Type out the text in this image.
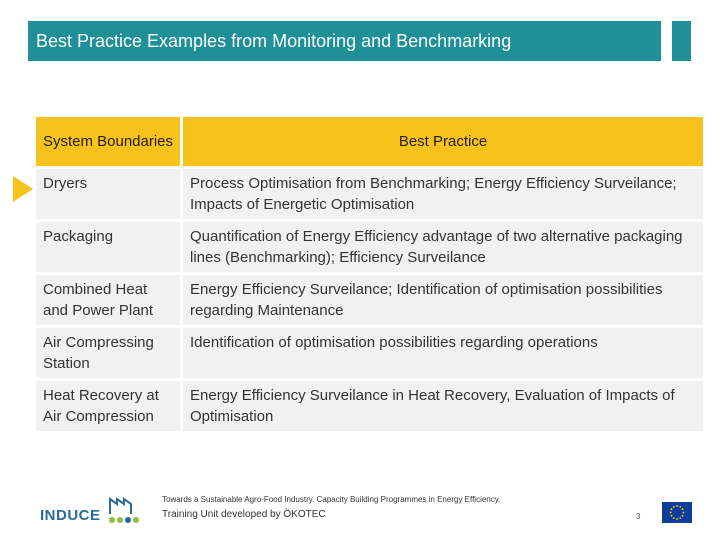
Best Practice Examples from Monitoring and Benchmarking
System Boundaries	Best Practice
Dryers	Process Optimisation from Benchmarking; Energy Efficiency Surveilance; Impacts of Energetic Optimisation
Packaging	Quantification of Energy Efficiency advantage of two alternative packaging lines (Benchmarking); Efficiency Surveilance
Combined Heat and Power Plant	Energy Efficiency Surveilance; Identification of optimisation possibilities regarding Maintenance
Air Compressing Station	Identification of optimisation possibilities regarding operations
Heat Recovery at Air Compression	Energy Efficiency Surveilance in Heat Recovery, Evaluation of Impacts of Optimisation
INDUCE
Towards a Sustainable Agro-Food Industry. Capacity Building Programmes in Energy Efficiency.
Training Unit developed by ÖKOTEC	3
